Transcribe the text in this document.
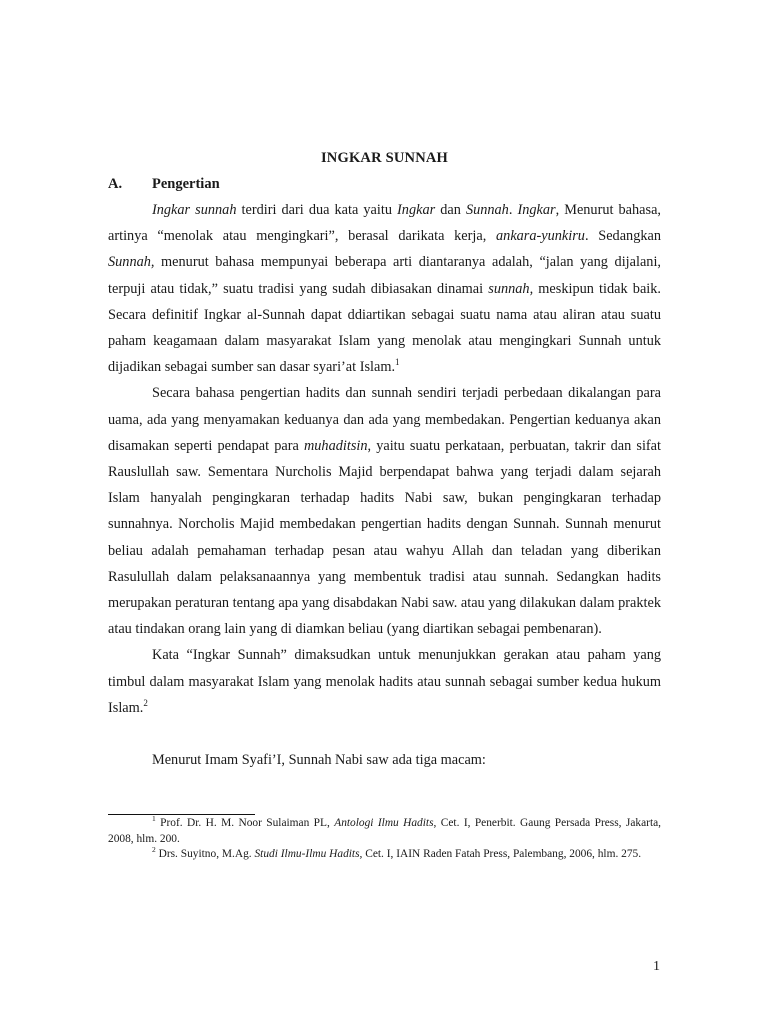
INGKAR SUNNAH
A.	Pengertian

Ingkar sunnah terdiri dari dua kata yaitu Ingkar dan Sunnah. Ingkar, Menurut bahasa, artinya “menolak atau mengingkari”, berasal darikata kerja, ankara-yunkiru. Sedangkan Sunnah, menurut bahasa mempunyai beberapa arti diantaranya adalah, “jalan yang dijalani, terpuji atau tidak,” suatu tradisi yang sudah dibiasakan dinamai sunnah, meskipun tidak baik. Secara definitif Ingkar al-Sunnah dapat ddiartikan sebagai suatu nama atau aliran atau suatu paham keagamaan dalam masyarakat Islam yang menolak atau mengingkari Sunnah untuk dijadikan sebagai sumber san dasar syari’at Islam.$^1$

Secara bahasa pengertian hadits dan sunnah sendiri terjadi perbedaan dikalangan para uama, ada yang menyamakan keduanya dan ada yang membedakan. Pengertian keduanya akan disamakan seperti pendapat para muhaditsin, yaitu suatu perkataan, perbuatan, takrir dan sifat Rauslullah saw. Sementara Nurcholis Majid berpendapat bahwa yang terjadi dalam sejarah Islam hanyalah pengingkaran terhadap hadits Nabi saw, bukan pengingkaran terhadap sunnahnya. Norcholis Majid membedakan pengertian hadits dengan Sunnah. Sunnah menurut beliau adalah pemahaman terhadap pesan atau wahyu Allah dan teladan yang diberikan Rasulullah dalam pelaksanaannya yang membentuk tradisi atau sunnah. Sedangkan hadits merupakan peraturan tentang apa yang disabdakan Nabi saw. atau yang dilakukan dalam praktek atau tindakan orang lain yang di diamkan beliau (yang diartikan sebagai pembenaran).

Kata “Ingkar Sunnah” dimaksudkan untuk menunjukkan gerakan atau paham yang timbul dalam masyarakat Islam yang menolak hadits atau sunnah sebagai sumber kedua hukum Islam.$^2$

Menurut Imam Syafi’I, Sunnah Nabi saw ada tiga macam:

$^1$ Prof. Dr. H. M. Noor Sulaiman PL, Antologi Ilmu Hadits, Cet. I, Penerbit. Gaung Persada Press, Jakarta, 2008, hlm. 200.

$^2$ Drs. Suyitno, M.Ag. Studi Ilmu-Ilmu Hadits, Cet. I, IAIN Raden Fatah Press, Palembang, 2006, hlm. 275.

1
